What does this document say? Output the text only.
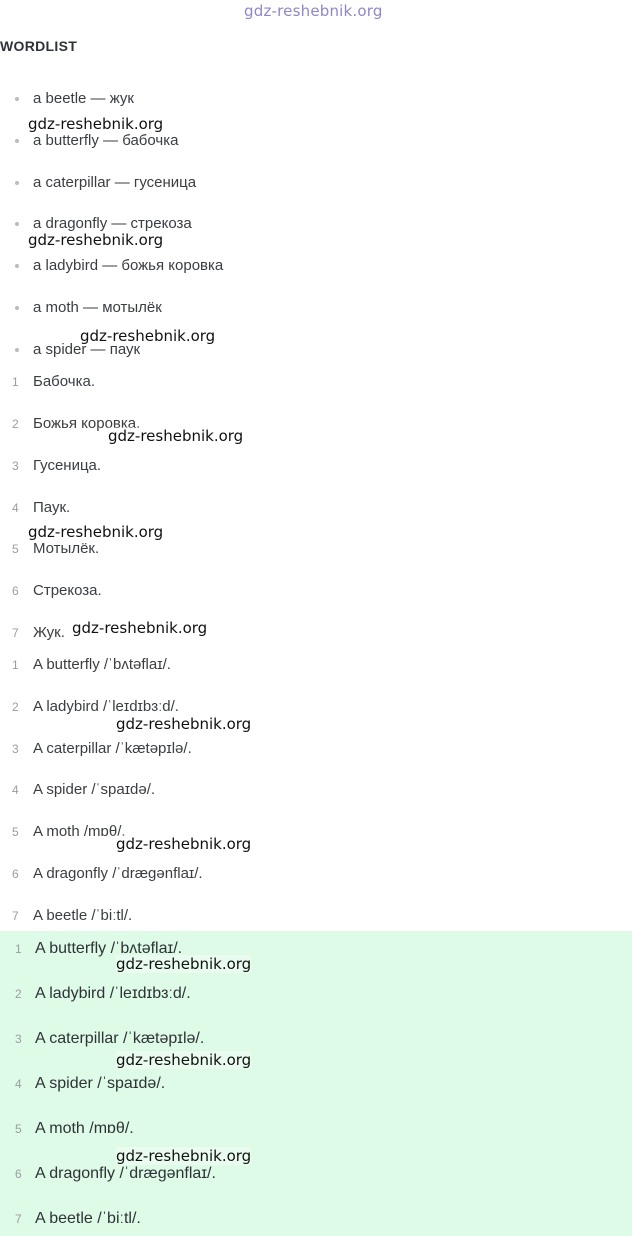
gdz-reshebnik.org
WORDLIST
a beetle — жук
a butterfly — бабочка
a caterpillar — гусеница
a dragonfly — стрекоза
a ladybird — божья коровка
a moth — мотылёк
a spider — паук
1 Бабочка.
2 Божья коровка.
3 Гусеница.
4 Паук.
5 Мотылёк.
6 Стрекоза.
7 Жук.
1 A butterfly /ˈbʌtəflaɪ/.
2 A ladybird /ˈleɪdɪbɜːd/.
3 A caterpillar /ˈkætəpɪlə/.
4 A spider /ˈspaɪdə/.
5 A moth /mɒθ/.
6 A dragonfly /ˈdrægənflaɪ/.
7 A beetle /ˈbiːtl/.
1 A butterfly /ˈbʌtəflaɪ/.
2 A ladybird /ˈleɪdɪbɜːd/.
3 A caterpillar /ˈkætəpɪlə/.
4 A spider /ˈspaɪdə/.
5 A moth /mɒθ/.
6 A dragonfly /ˈdrægənflaɪ/.
7 A beetle /ˈbiːtl/.
gdz-reshebnik.org
gdz-reshebnik.org
gdz-reshebnik.org
gdz-reshebnik.org
gdz-reshebnik.org
gdz-reshebnik.org
gdz-reshebnik.org
gdz-reshebnik.org
gdz-reshebnik.org
gdz-reshebnik.org
gdz-reshebnik.org
